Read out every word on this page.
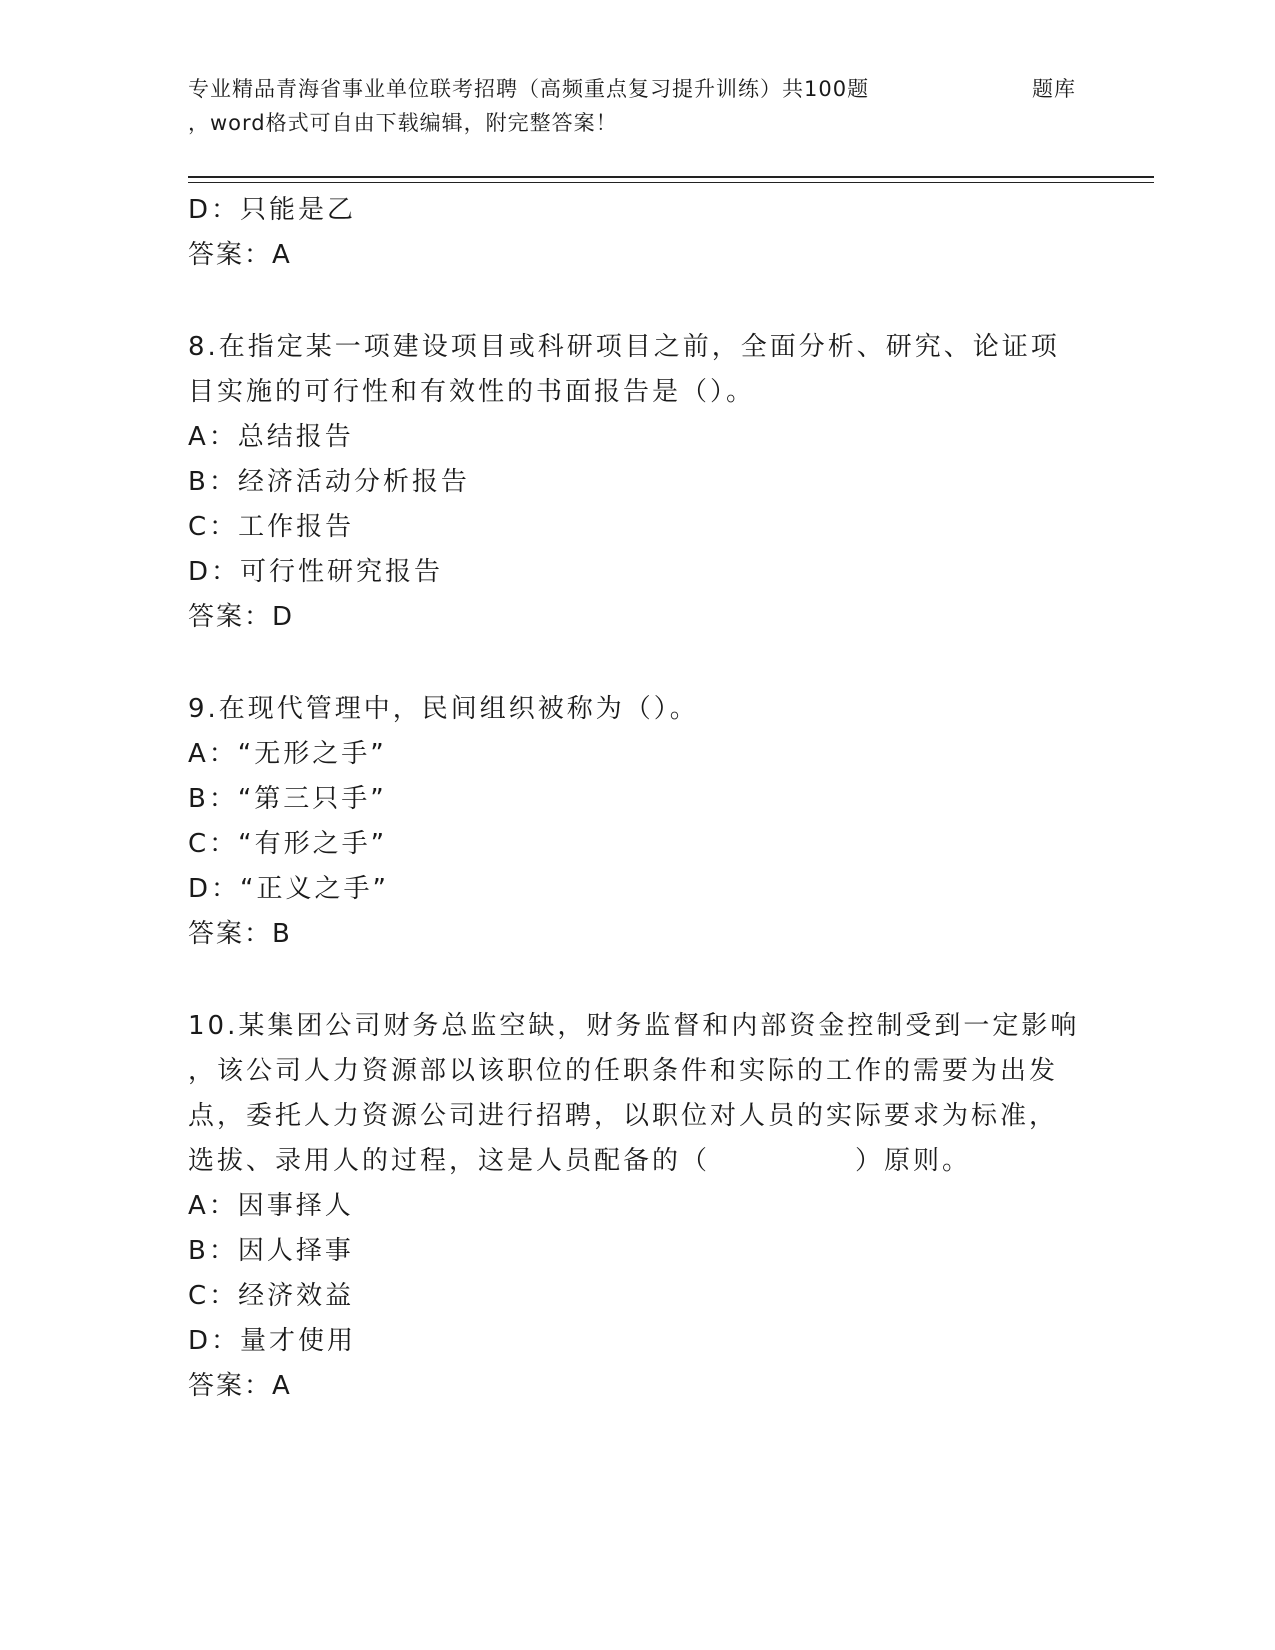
专业精品青海省事业单位联考招聘（高频重点复习提升训练）共100题	题库
，word格式可自由下载编辑，附完整答案！
D：只能是乙
答案：A
8.在指定某一项建设项目或科研项目之前，全面分析、研究、论证项
目实施的可行性和有效性的书面报告是（）。
A：总结报告
B：经济活动分析报告
C：工作报告
D：可行性研究报告
答案：D
9.在现代管理中，民间组织被称为（）。
A：“无形之手”
B：“第三只手”
C：“有形之手”
D：“正义之手”
答案：B
10.某集团公司财务总监空缺，财务监督和内部资金控制受到一定影响
，该公司人力资源部以该职位的任职条件和实际的工作的需要为出发
点，委托人力资源公司进行招聘，以职位对人员的实际要求为标准，
选拔、录用人的过程，这是人员配备的（　　　　　）原则。
A：因事择人
B：因人择事
C：经济效益
D：量才使用
答案：A
